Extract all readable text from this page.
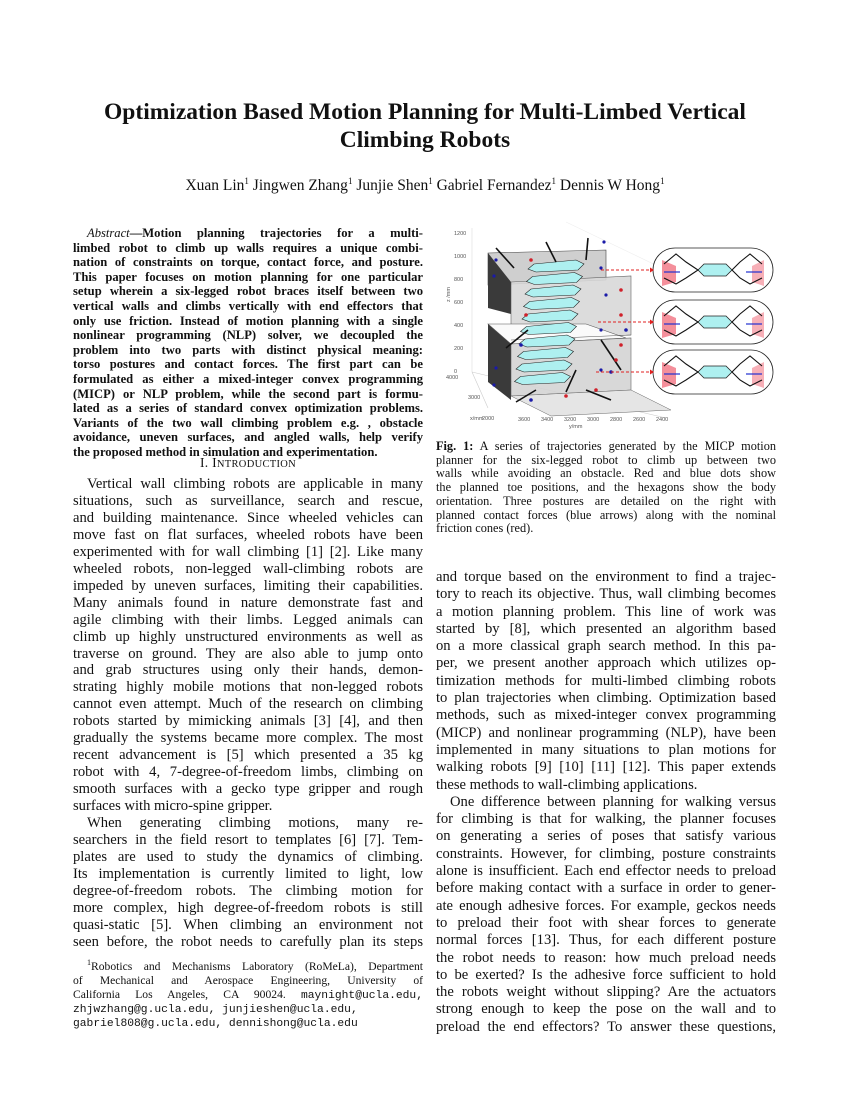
Optimization Based Motion Planning for Multi-Limbed Vertical
Climbing Robots
Xuan Lin$^1$ Jingwen Zhang$^1$ Junjie Shen$^1$ Gabriel Fernandez$^1$ Dennis W Hong$^1$
Abstract—Motion planning trajectories for a multi-
limbed robot to climb up walls requires a unique combi-
nation of constraints on torque, contact force, and posture.
This paper focuses on motion planning for one particular
setup wherein a six-legged robot braces itself between two
vertical walls and climbs vertically with end effectors that
only use friction. Instead of motion planning with a single
nonlinear programming (NLP) solver, we decoupled the
problem into two parts with distinct physical meaning:
torso postures and contact forces. The first part can be
formulated as either a mixed-integer convex programming
(MICP) or NLP problem, while the second part is formu-
lated as a series of standard convex optimization problems.
Variants of the two wall climbing problem e.g. , obstacle
avoidance, uneven surfaces, and angled walls, help verify
the proposed method in simulation and experimentation.
I. INTRODUCTION
Vertical wall climbing robots are applicable in many
situations, such as surveillance, search and rescue,
and building maintenance. Since wheeled vehicles can
move fast on flat surfaces, wheeled robots have been
experimented with for wall climbing [1] [2]. Like many
wheeled robots, non-legged wall-climbing robots are
impeded by uneven surfaces, limiting their capabilities.
Many animals found in nature demonstrate fast and
agile climbing with their limbs. Legged animals can
climb up highly unstructured environments as well as
traverse on ground. They are also able to jump onto
and grab structures using only their hands, demon-
strating highly mobile motions that non-legged robots
cannot even attempt. Much of the research on climbing
robots started by mimicking animals [3] [4], and then
gradually the systems became more complex. The most
recent advancement is [5] which presented a 35 kg
robot with 4, 7-degree-of-freedom limbs, climbing on
smooth surfaces with a gecko type gripper and rough
surfaces with micro-spine gripper.
When generating climbing motions, many re-
searchers in the field resort to templates [6] [7]. Tem-
plates are used to study the dynamics of climbing.
Its implementation is currently limited to light, low
degree-of-freedom robots. The climbing motion for
more complex, high degree-of-freedom robots is still
quasi-static [5]. When climbing an environment not
seen before, the robot needs to carefully plan its steps
$^1$Robotics and Mechanisms Laboratory (RoMeLa), Department
of Mechanical and Aerospace Engineering, University of
California Los Angeles, CA 90024. maynight@ucla.edu,
zhjwzhang@g.ucla.edu, junjieshen@ucla.edu,
gabriel808@g.ucla.edu, dennishong@ucla.edu
1200
1000
800
600
400
200
0
4000
3000
2000	3600 3400 3200 3000 2800 2600 2400
z /mm
x/mm
y/mm
Fig. 1: A series of trajectories generated by the MICP motion
planner for the six-legged robot to climb up between two
walls while avoiding an obstacle. Red and blue dots show
the planned toe positions, and the hexagons show the body
orientation. Three postures are detailed on the right with
planned contact forces (blue arrows) along with the nominal
friction cones (red).
and torque based on the environment to find a trajec-
tory to reach its objective. Thus, wall climbing becomes
a motion planning problem. This line of work was
started by [8], which presented an algorithm based
on a more classical graph search method. In this pa-
per, we present another approach which utilizes op-
timization methods for multi-limbed climbing robots
to plan trajectories when climbing. Optimization based
methods, such as mixed-integer convex programming
(MICP) and nonlinear programming (NLP), have been
implemented in many situations to plan motions for
walking robots [9] [10] [11] [12]. This paper extends
these methods to wall-climbing applications.
One difference between planning for walking versus
for climbing is that for walking, the planner focuses
on generating a series of poses that satisfy various
constraints. However, for climbing, posture constraints
alone is insufficient. Each end effector needs to preload
before making contact with a surface in order to gener-
ate enough adhesive forces. For example, geckos needs
to preload their foot with shear forces to generate
normal forces [13]. Thus, for each different posture
the robot needs to reason: how much preload needs
to be exerted? Is the adhesive force sufficient to hold
the robots weight without slipping? Are the actuators
strong enough to keep the pose on the wall and to
preload the end effectors? To answer these questions,
